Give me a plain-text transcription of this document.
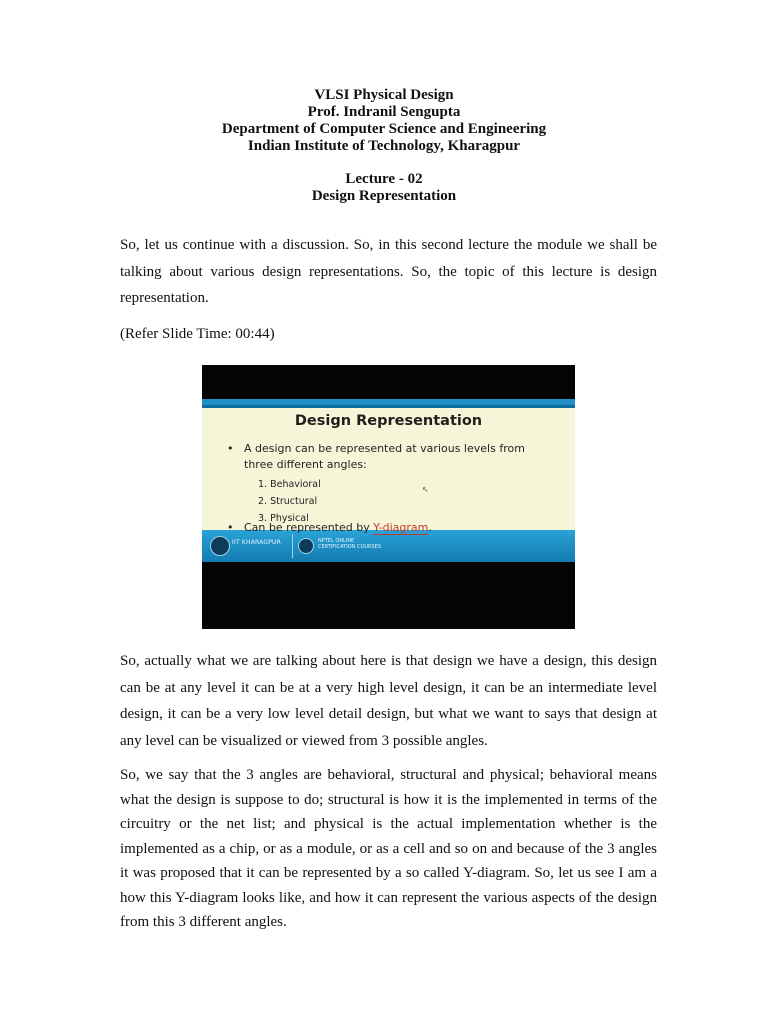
VLSI Physical Design
Prof. Indranil Sengupta
Department of Computer Science and Engineering
Indian Institute of Technology, Kharagpur
Lecture - 02
Design Representation
So, let us continue with a discussion. So, in this second lecture the module we shall be talking about various design representations. So, the topic of this lecture is design representation.
(Refer Slide Time: 00:44)
Design Representation
• A design can be represented at various levels from
three different angles:
1. Behavioral
2. Structural
3. Physical
↖
• Can be represented by Y-diagram.
IIT KHARAGPUR	NPTEL ONLINE
CERTIFICATION COURSES
So, actually what we are talking about here is that design we have a design, this design can be at any level it can be at a very high level design, it can be an intermediate level design, it can be a very low level detail design, but what we want to says that design at any level can be visualized or viewed from 3 possible angles.
So, we say that the 3 angles are behavioral, structural and physical; behavioral means what the design is suppose to do; structural is how it is the implemented in terms of the circuitry or the net list; and physical is the actual implementation whether is the implemented as a chip, or as a module, or as a cell and so on and because of the 3 angles it was proposed that it can be represented by a so called Y-diagram. So, let us see I am a how this Y-diagram looks like, and how it can represent the various aspects of the design from this 3 different angles.
